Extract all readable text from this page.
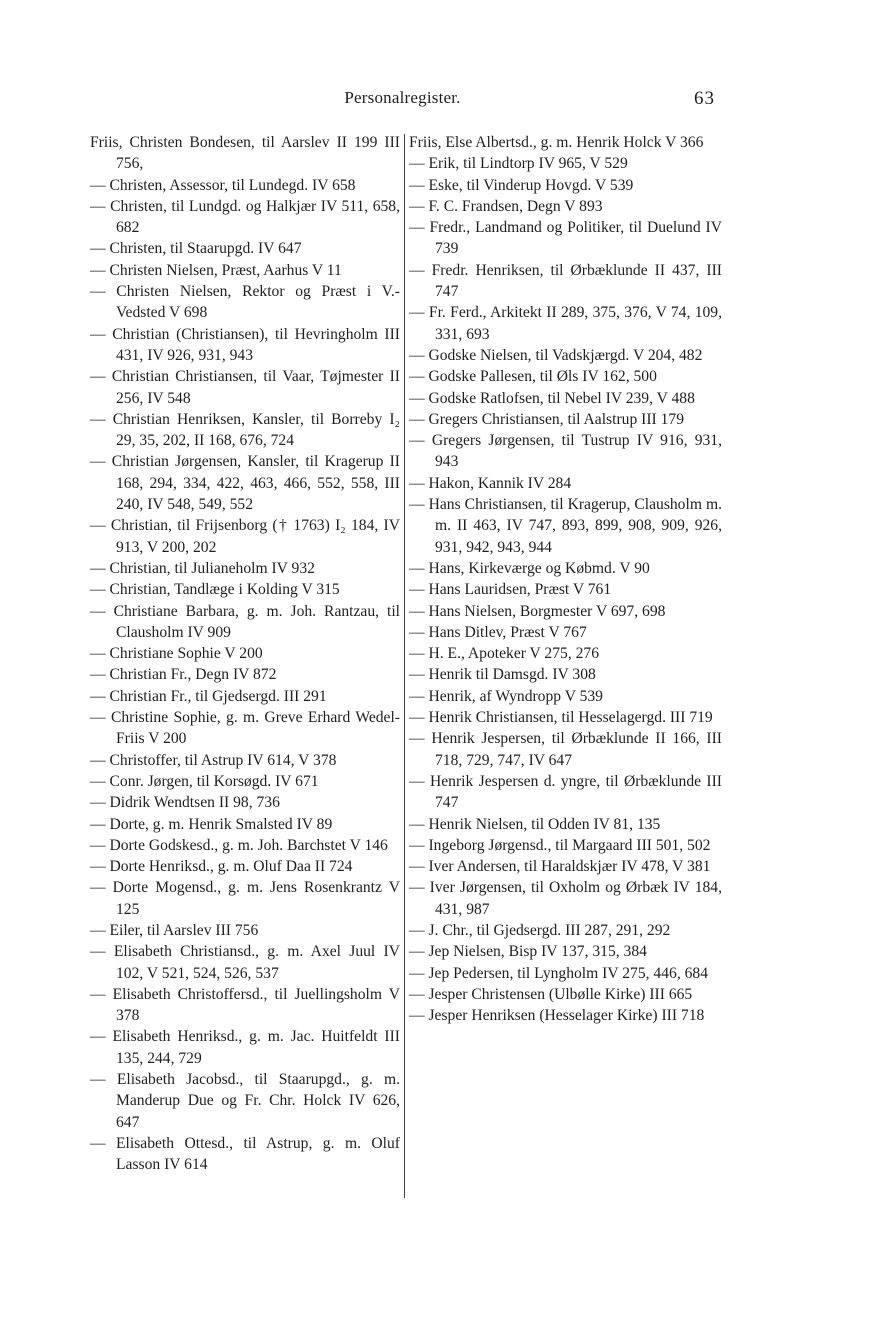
Personalregister.	63

Friis, Christen Bondesen, til Aarslev II 199 III 756,

— Christen, Assessor, til Lundegd. IV 658

— Christen, til Lundgd. og Halkjær IV 511, 658, 682

— Christen, til Staarupgd. IV 647

— Christen Nielsen, Præst, Aarhus V 11

— Christen Nielsen, Rektor og Præst i V.-Vedsted V 698

— Christian (Christiansen), til Hevringholm III 431, IV 926, 931, 943

— Christian Christiansen, til Vaar, Tøjmester II 256, IV 548

— Christian Henriksen, Kansler, til Borreby I₂ 29, 35, 202, II 168, 676, 724

— Christian Jørgensen, Kansler, til Kragerup II 168, 294, 334, 422, 463, 466, 552, 558, III 240, IV 548, 549, 552

— Christian, til Frijsenborg († 1763) I₂ 184, IV 913, V 200, 202

— Christian, til Julianeholm IV 932

— Christian, Tandlæge i Kolding V 315

— Christiane Barbara, g. m. Joh. Rantzau, til Clausholm IV 909

— Christiane Sophie V 200

— Christian Fr., Degn IV 872

— Christian Fr., til Gjedsergd. III 291

— Christine Sophie, g. m. Greve Erhard Wedel-Friis V 200

— Christoffer, til Astrup IV 614, V 378

— Conr. Jørgen, til Korsøgd. IV 671

— Didrik Wendtsen II 98, 736

— Dorte, g. m. Henrik Smalsted IV 89

— Dorte Godskesd., g. m. Joh. Barchstet V 146

— Dorte Henriksd., g. m. Oluf Daa II 724

— Dorte Mogensd., g. m. Jens Rosenkrantz V 125

— Eiler, til Aarslev III 756

— Elisabeth Christiansd., g. m. Axel Juul IV 102, V 521, 524, 526, 537

— Elisabeth Christoffersd., til Juellingsholm V 378

— Elisabeth Henriksd., g. m. Jac. Huitfeldt III 135, 244, 729

— Elisabeth Jacobsd., til Staarupgd., g. m. Manderup Due og Fr. Chr. Holck IV 626, 647

— Elisabeth Ottesd., til Astrup, g. m. Oluf Lasson IV 614

Friis, Else Albertsd., g. m. Henrik Holck V 366

— Erik, til Lindtorp IV 965, V 529

— Eske, til Vinderup Hovgd. V 539

— F. C. Frandsen, Degn V 893

— Fredr., Landmand og Politiker, til Duelund IV 739

— Fredr. Henriksen, til Ørbæklunde II 437, III 747

— Fr. Ferd., Arkitekt II 289, 375, 376, V 74, 109, 331, 693

— Godske Nielsen, til Vadskjærgd. V 204, 482

— Godske Pallesen, til Øls IV 162, 500

— Godske Ratlofsen, til Nebel IV 239, V 488

— Gregers Christiansen, til Aalstrup III 179

— Gregers Jørgensen, til Tustrup IV 916, 931, 943

— Hakon, Kannik IV 284

— Hans Christiansen, til Kragerup, Clausholm m. m. II 463, IV 747, 893, 899, 908, 909, 926, 931, 942, 943, 944

— Hans, Kirkeværge og Købmd. V 90

— Hans Lauridsen, Præst V 761

— Hans Nielsen, Borgmester V 697, 698

— Hans Ditlev, Præst V 767

— H. E., Apoteker V 275, 276

— Henrik til Damsgd. IV 308

— Henrik, af Wyndropp V 539

— Henrik Christiansen, til Hesselagergd. III 719

— Henrik Jespersen, til Ørbæklunde II 166, III 718, 729, 747, IV 647

— Henrik Jespersen d. yngre, til Ørbæklunde III 747

— Henrik Nielsen, til Odden IV 81, 135

— Ingeborg Jørgensd., til Margaard III 501, 502

— Iver Andersen, til Haraldskjær IV 478, V 381

— Iver Jørgensen, til Oxholm og Ørbæk IV 184, 431, 987

— J. Chr., til Gjedsergd. III 287, 291, 292

— Jep Nielsen, Bisp IV 137, 315, 384

— Jep Pedersen, til Lyngholm IV 275, 446, 684

— Jesper Christensen (Ulbølle Kirke) III 665

— Jesper Henriksen (Hesselager Kirke) III 718
